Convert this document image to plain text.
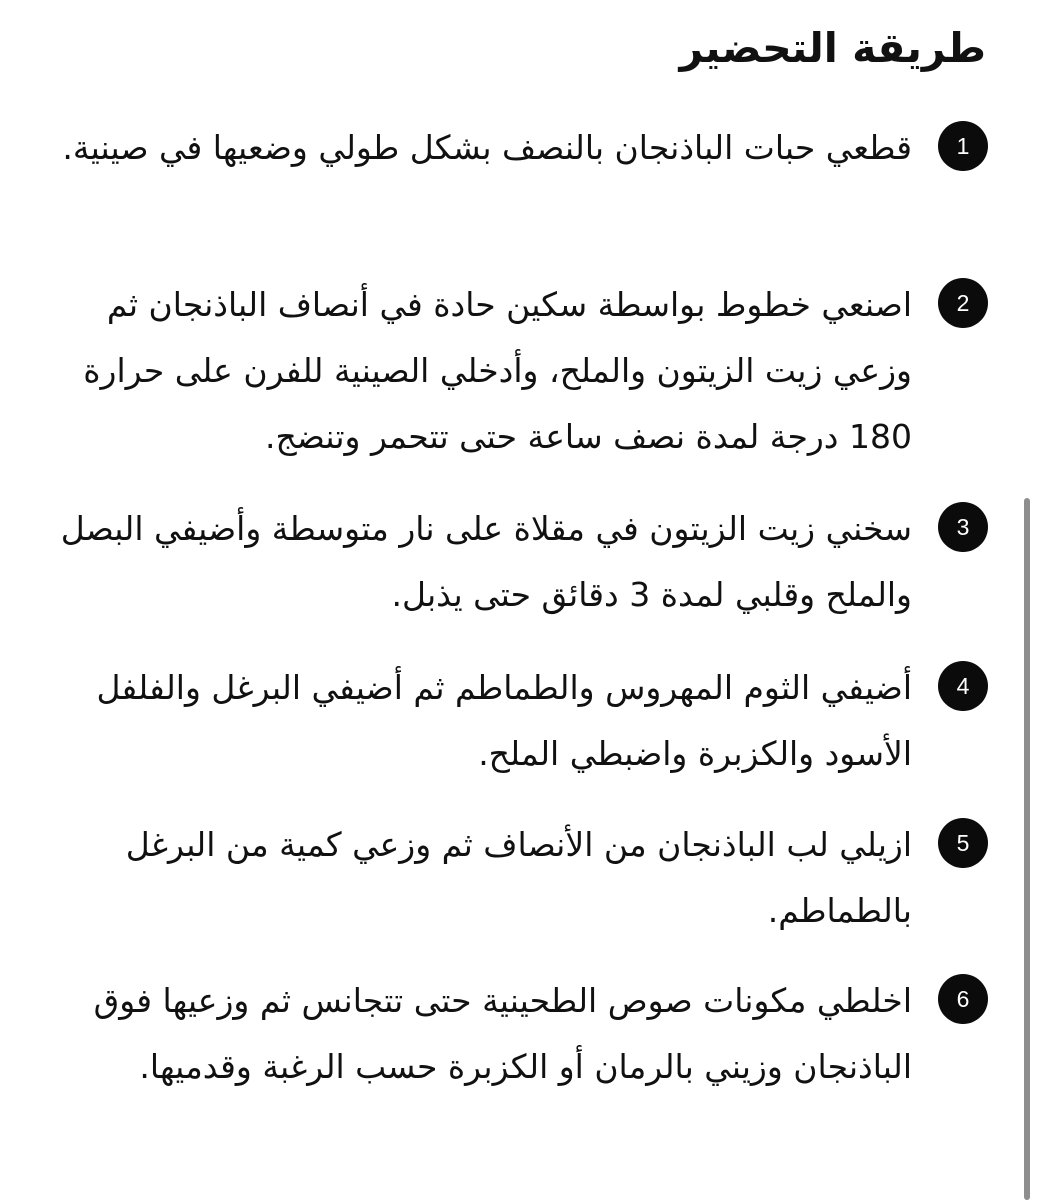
طريقة التحضير
1

قطعي حبات الباذنجان بالنصف بشكل طولي وضعيها في صينية.

2

اصنعي خطوط بواسطة سكين حادة في أنصاف الباذنجان ثم وزعي زيت الزيتون والملح، وأدخلي الصينية للفرن على حرارة 180 درجة لمدة نصف ساعة حتى تتحمر وتنضج.

3

سخني زيت الزيتون في مقلاة على نار متوسطة وأضيفي البصل والملح وقلبي لمدة 3 دقائق حتى يذبل.

4

أضيفي الثوم المهروس والطماطم ثم أضيفي البرغل والفلفل الأسود والكزبرة واضبطي الملح.

5

ازيلي لب الباذنجان من الأنصاف ثم وزعي كمية من البرغل بالطماطم.

6

اخلطي مكونات صوص الطحينية حتى تتجانس ثم وزعيها فوق الباذنجان وزيني بالرمان أو الكزبرة حسب الرغبة وقدميها.
